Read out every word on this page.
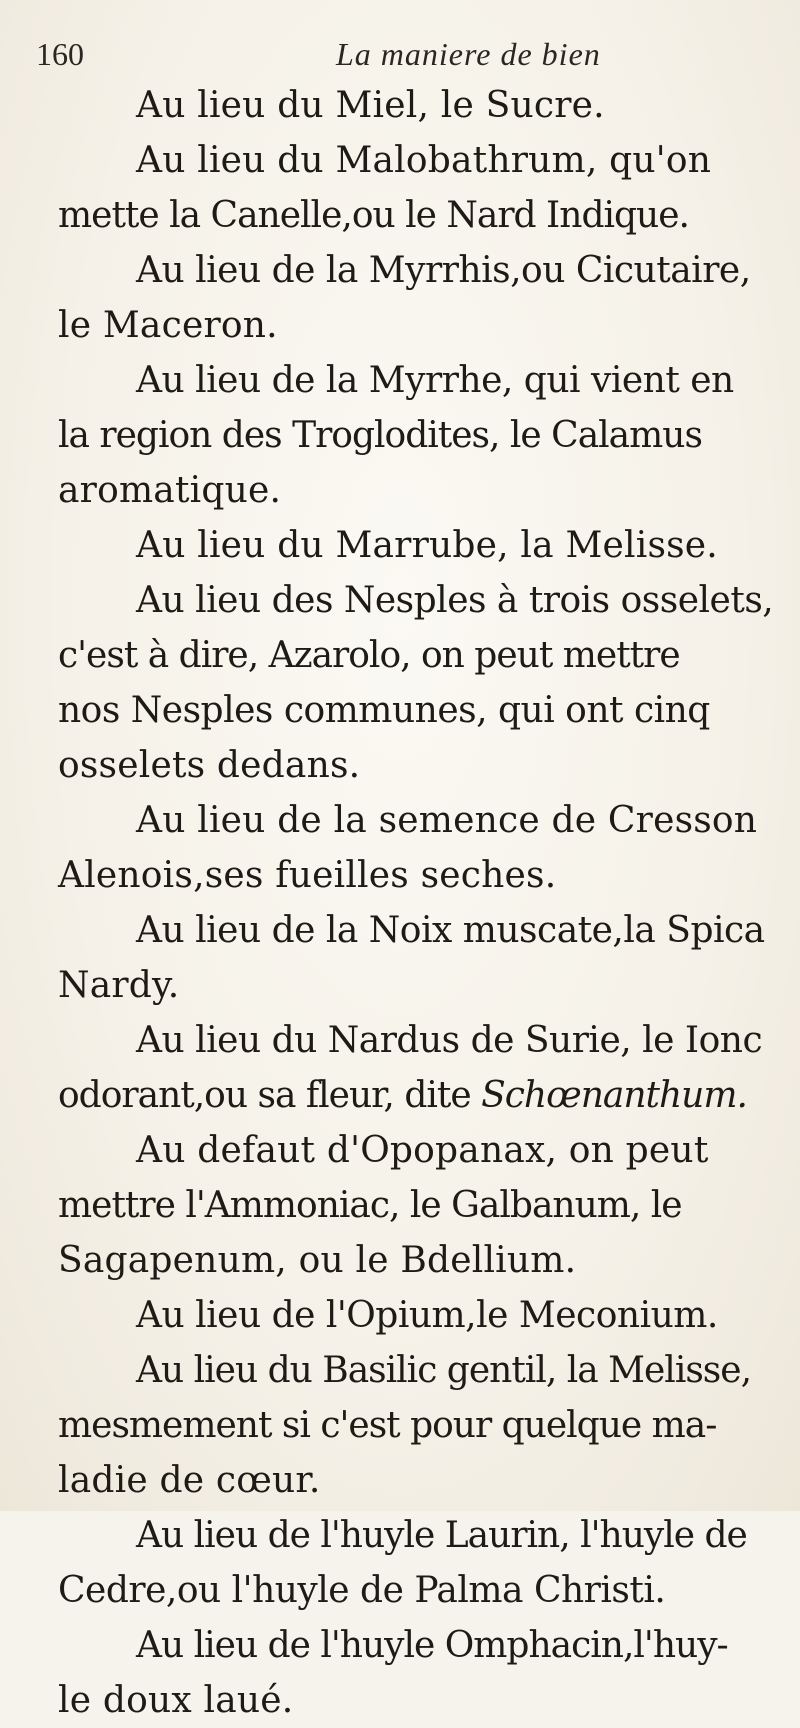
160	La maniere de bien
Au lieu du Miel, le Sucre.
Au lieu du Malobathrum, qu'on
mette la Canelle,ou le Nard Indique.
Au lieu de la Myrrhis,ou Cicutaire,
le Maceron.
Au lieu de la Myrrhe, qui vient en
la region des Troglodites, le Calamus
aromatique.
Au lieu du Marrube, la Melisse.
Au lieu des Nesples à trois osselets,
c'est à dire, Azarolo, on peut mettre
nos Nesples communes, qui ont cinq
osselets dedans.
Au lieu de la semence de Cresson
Alenois,ses fueilles seches.
Au lieu de la Noix muscate,la Spica
Nardy.
Au lieu du Nardus de Surie, le Ionc
odorant,ou sa fleur, dite Schœnanthum.
Au defaut d'Opopanax, on peut
mettre l'Ammoniac, le Galbanum, le
Sagapenum, ou le Bdellium.
Au lieu de l'Opium,le Meconium.
Au lieu du Basilic gentil, la Melisse,
mesmement si c'est pour quelque ma-
ladie de cœur.
Au lieu de l'huyle Laurin, l'huyle de
Cedre,ou l'huyle de Palma Christi.
Au lieu de l'huyle Omphacin,l'huy-
le doux laué.
